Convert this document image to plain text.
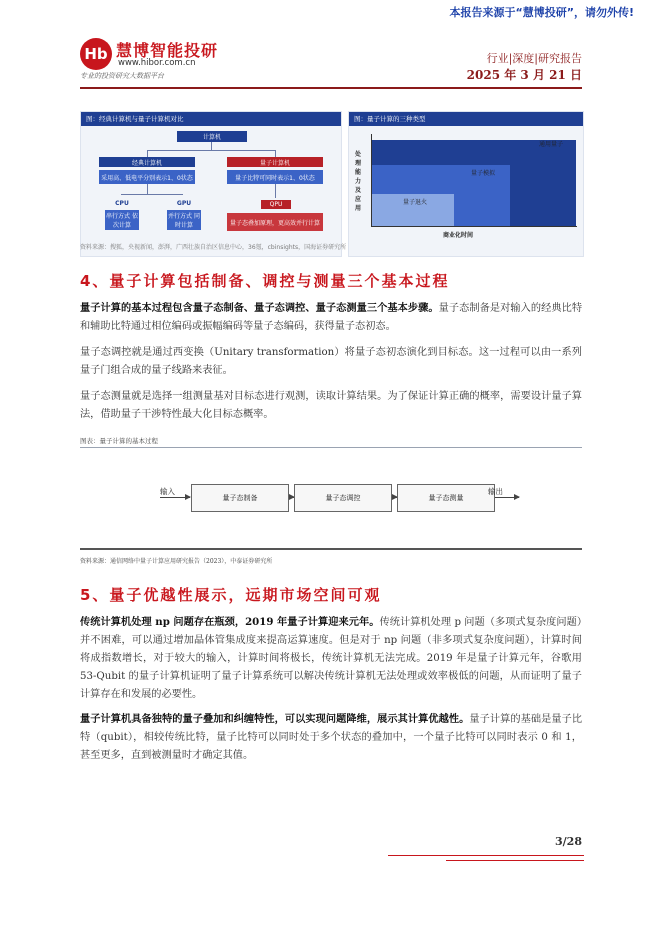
本报告来源于“慧博投研”，请勿外传!
Hb 慧博智能投研
www.hibor.com.cn
专业的投资研究大数据平台
行业|深度|研究报告
2025 年 3 月 21 日
图：经典计算机与量子计算机对比
计算机
经典计算机
采用高、低电平分别表示1、0状态
量子计算机
量子比特可同时表示1、0状态
CPU
串行方式 依次计算
GPU
并行方式 同时计算
QPU
量子态叠加原理，更高效并行计算
图：量子计算的三种类型
处理能力及应用
商业化时间
量子退火
量子模拟
通用量子
资料来源：搜狐，央视新闻，澎湃，广西壮族自治区信息中心，36氪，cbinsights，国海证券研究所
4、量子计算包括制备、调控与测量三个基本过程
量子计算的基本过程包含量子态制备、量子态调控、量子态测量三个基本步骤。量子态制备是对输入的经典比特和辅助比特通过相位编码或振幅编码等量子态编码，获得量子态初态。
量子态调控就是通过西变换（Unitary transformation）将量子态初态演化到目标态。这一过程可以由一系列量子门组合成的量子线路来表征。
量子态测量就是选择一组测量基对目标态进行观测，读取计算结果。为了保证计算正确的概率，需要设计量子算法，借助量子干涉特性最大化目标态概率。
图表：量子计算的基本过程
输入
量子态制备	量子态调控	量子态测量
输出
资料来源：通信网络中量子计算应用研究报告（2023），中泰证券研究所
5、量子优越性展示，远期市场空间可观
传统计算机处理 np 问题存在瓶颈，2019 年量子计算迎来元年。传统计算机处理 p 问题（多项式复杂度问题）并不困难，可以通过增加晶体管集成度来提高运算速度。但是对于 np 问题（非多项式复杂度问题），计算时间将成指数增长，对于较大的输入，计算时间将极长，传统计算机无法完成。2019 年是量子计算元年，谷歌用 53-Qubit 的量子计算机证明了量子计算系统可以解决传统计算机无法处理或效率极低的问题，从而证明了量子计算存在和发展的必要性。
量子计算机具备独特的量子叠加和纠缠特性，可以实现问题降维，展示其计算优越性。量子计算的基础是量子比特（qubit），相较传统比特，量子比特可以同时处于多个状态的叠加中，一个量子比特可以同时表示 0 和 1，甚至更多，直到被测量时才确定其值。
3/28
